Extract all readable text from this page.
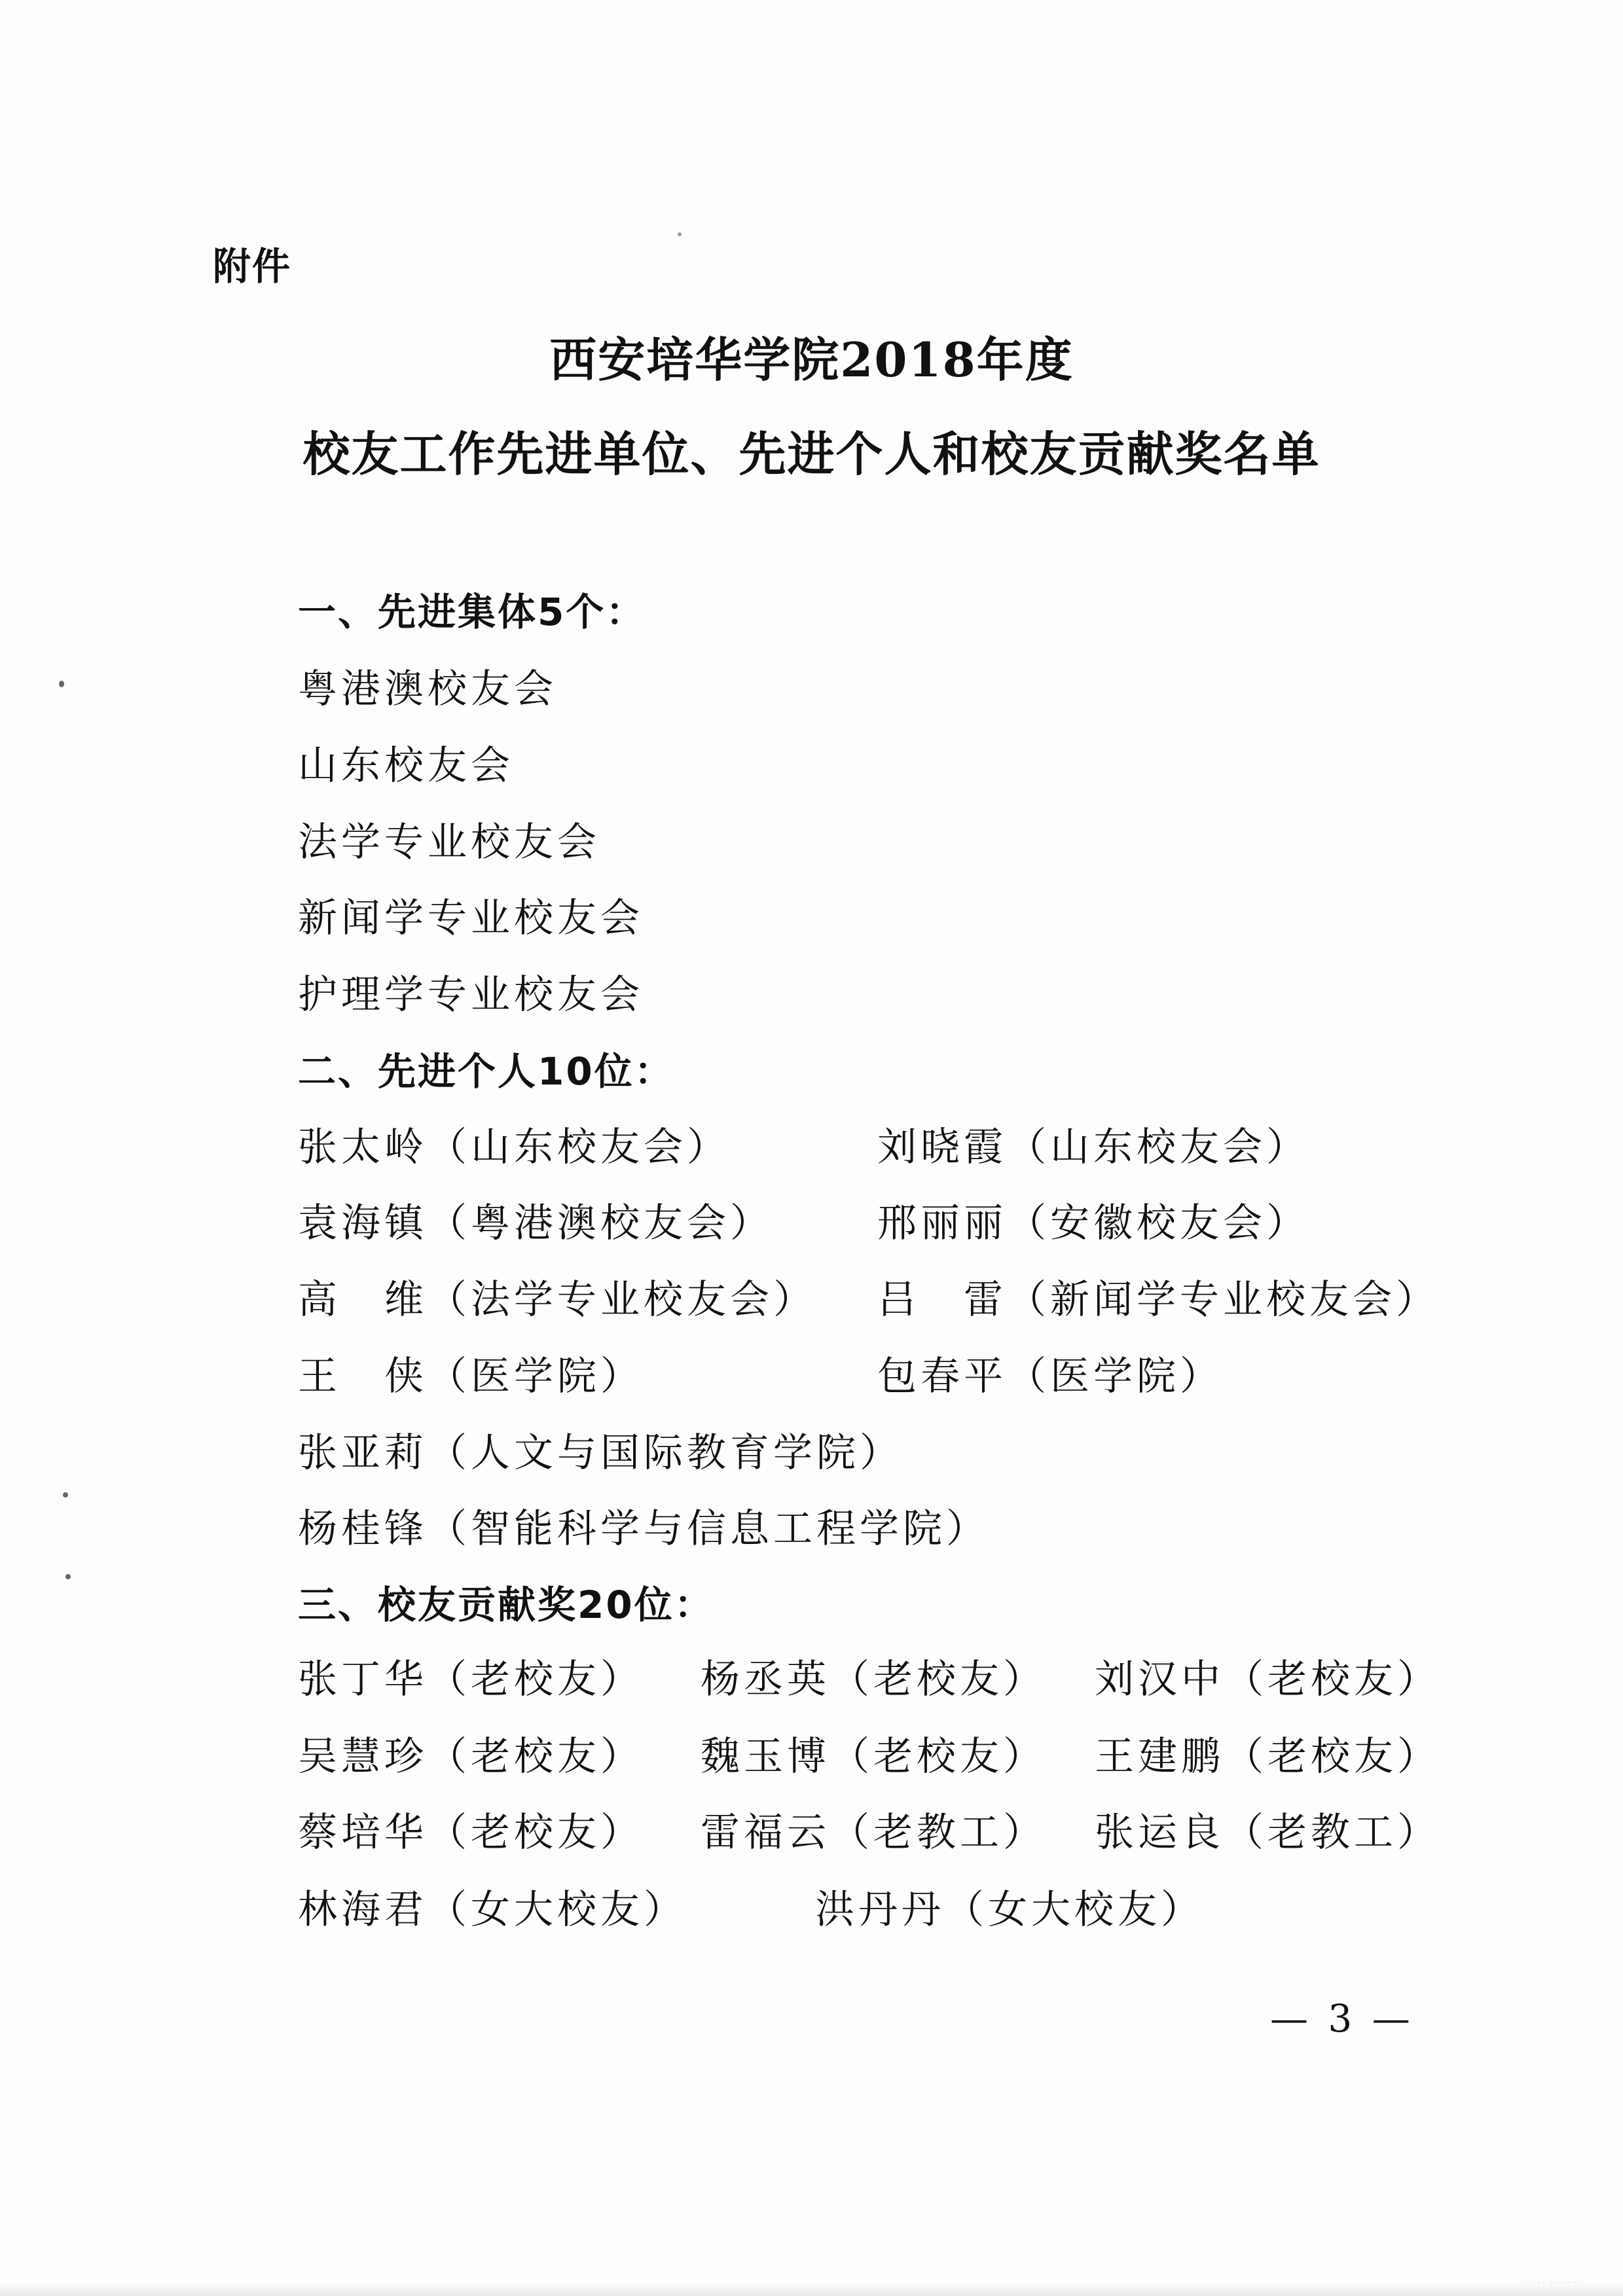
附件
西安培华学院2018年度
校友工作先进单位、先进个人和校友贡献奖名单
一、先进集体5个：
粤港澳校友会
山东校友会
法学专业校友会
新闻学专业校友会
护理学专业校友会
二、先进个人10位：
张太岭（山东校友会）	刘晓霞（山东校友会）
袁海镇（粤港澳校友会）	邢丽丽（安徽校友会）
高　维（法学专业校友会） 吕　雷（新闻学专业校友会）
王　侠（医学院）	包春平（医学院）
张亚莉（人文与国际教育学院）
杨桂锋（智能科学与信息工程学院）
三、校友贡献奖20位：
张丁华（老校友） 杨丞英（老校友） 刘汉中（老校友）
吴慧珍（老校友） 魏玉博（老校友） 王建鹏（老校友）
蔡培华（老校友） 雷福云（老教工） 张运良（老教工）
林海君（女大校友）	洪丹丹（女大校友）
— 3 —
